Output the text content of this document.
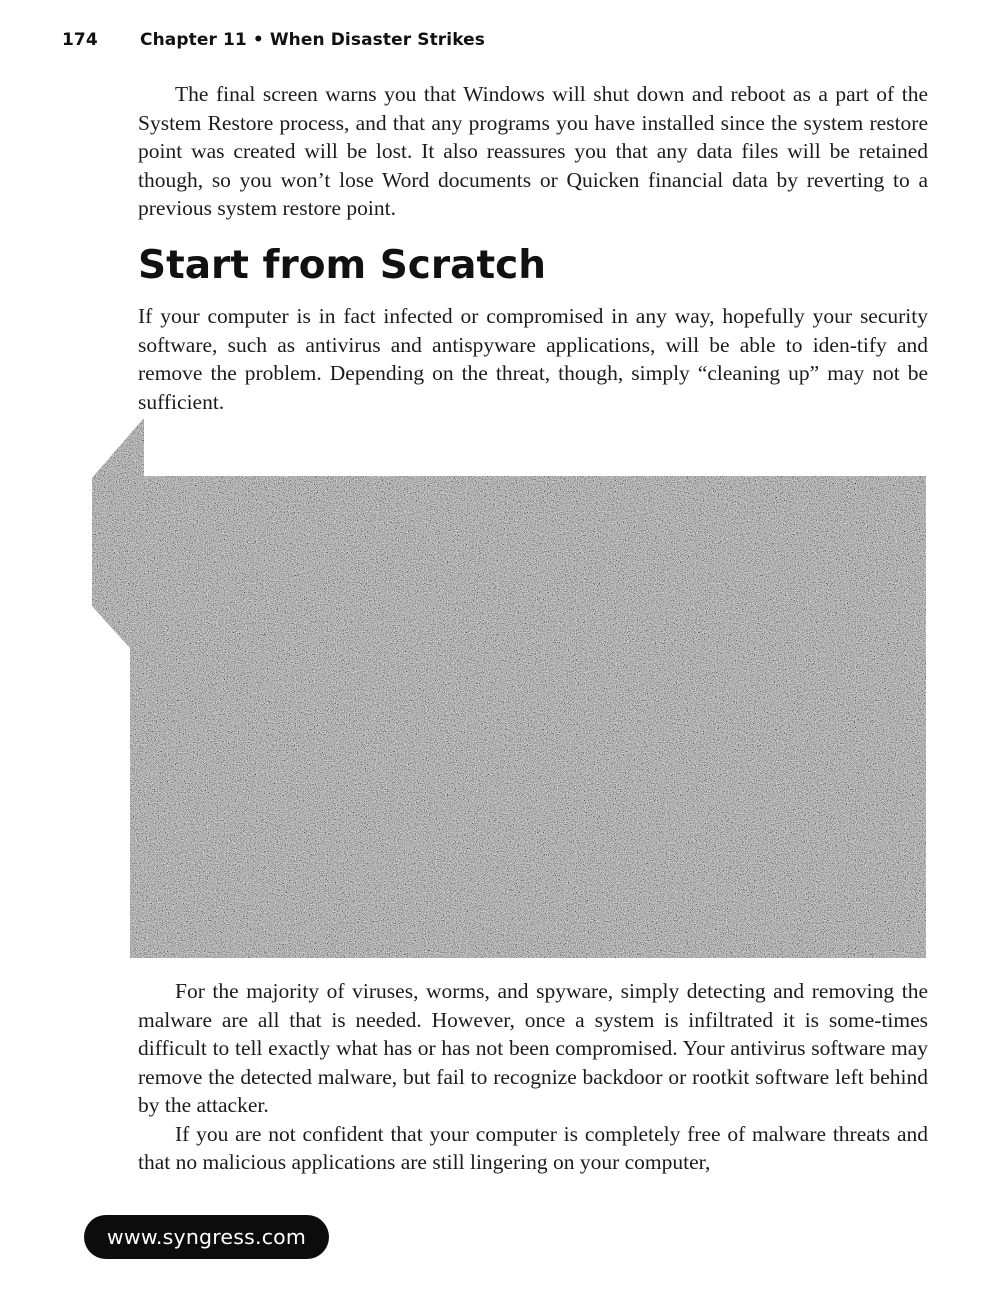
174 Chapter 11 • When Disaster Strikes

The final screen warns you that Windows will shut down and reboot as a part of the System Restore process, and that any programs you have installed since the system restore point was created will be lost. It also reassures you that any data files will be retained though, so you won’t lose Word documents or Quicken financial data by reverting to a previous system restore point.

Start from Scratch

If your computer is in fact infected or compromised in any way, hopefully your security software, such as antivirus and antispyware applications, will be able to iden-tify and remove the problem. Depending on the threat, though, simply “cleaning up” may not be sufficient.

For the majority of viruses, worms, and spyware, simply detecting and removing the malware are all that is needed. However, once a system is infiltrated it is some-times difficult to tell exactly what has or has not been compromised. Your antivirus software may remove the detected malware, but fail to recognize backdoor or rootkit software left behind by the attacker.

If you are not confident that your computer is completely free of malware threats and that no malicious applications are still lingering on your computer,

www.syngress.com
